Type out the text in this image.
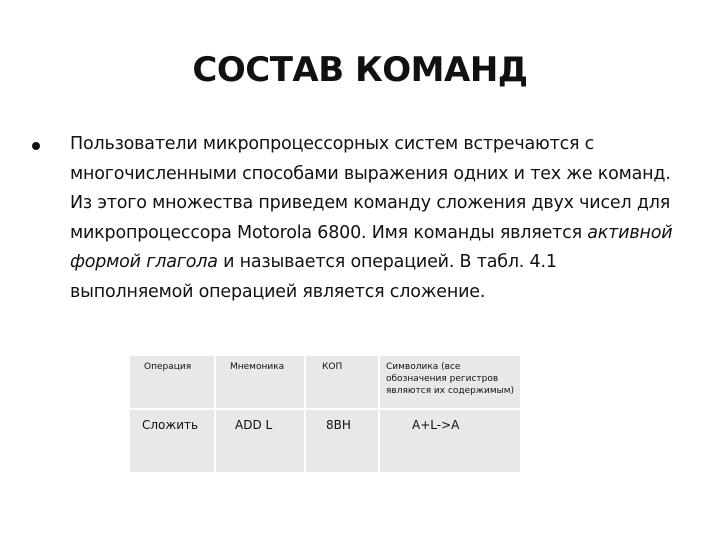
СОСТАВ КОМАНД
Пользователи микропроцессорных систем встречаются с многочисленными способами выражения одних и тех же команд. Из этого множества приведем команду сложения двух чисел для микропроцессора Motorola 6800. Имя команды является активной формой глагола и называется операцией. В табл. 4.1 выполняемой операцией является сложение.
Операция	Мнемоника	КОП	Символика (все обозначения регистров являются их содержимым)
Сложить	ADD L	8BH	A+L->A
